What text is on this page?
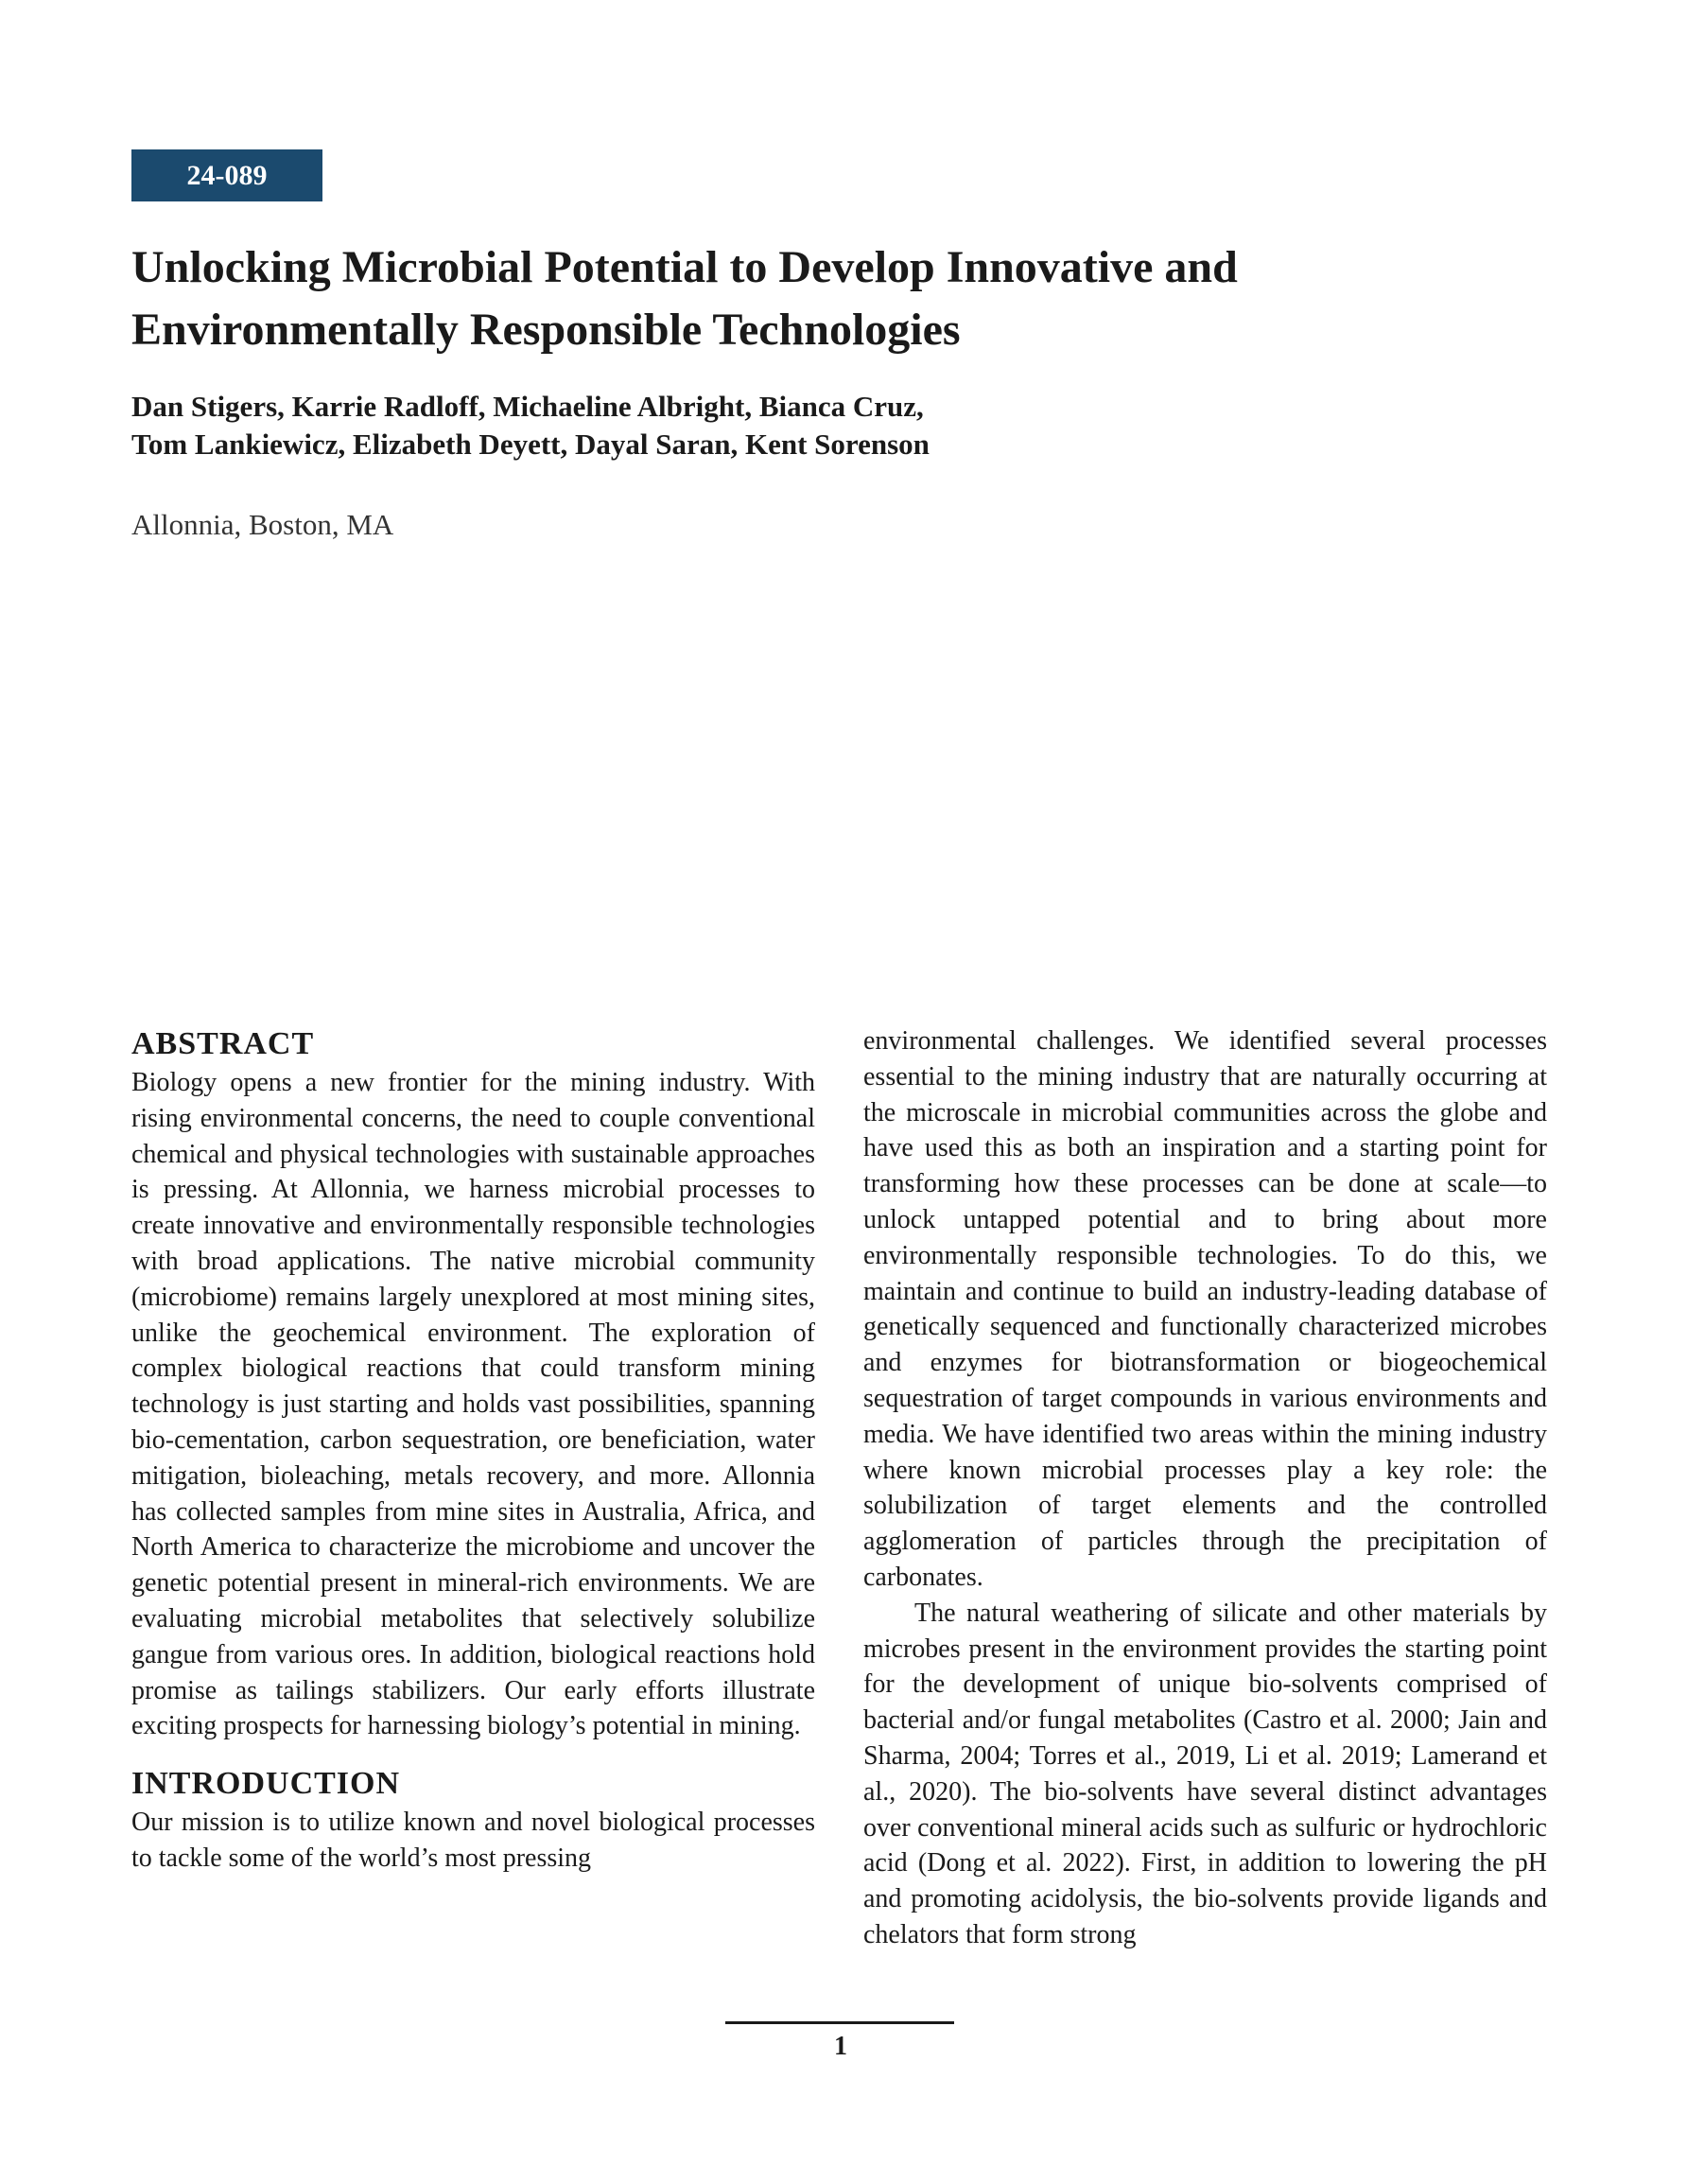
24-089
Unlocking Microbial Potential to Develop Innovative and Environmentally Responsible Technologies
Dan Stigers, Karrie Radloff, Michaeline Albright, Bianca Cruz, Tom Lankiewicz, Elizabeth Deyett, Dayal Saran, Kent Sorenson
Allonnia, Boston, MA
ABSTRACT

Biology opens a new frontier for the mining industry. With rising environmental concerns, the need to couple conventional chemical and physical technologies with sustainable approaches is pressing. At Allonnia, we harness microbial processes to create innovative and environmentally responsible technologies with broad applications. The native microbial community (microbiome) remains largely unexplored at most mining sites, unlike the geochemical environment. The exploration of complex biological reactions that could transform mining technology is just starting and holds vast possibilities, spanning bio-cementation, carbon sequestration, ore beneficiation, water mitigation, bioleaching, metals recovery, and more. Allonnia has collected samples from mine sites in Australia, Africa, and North America to characterize the microbiome and uncover the genetic potential present in mineral-rich environments. We are evaluating microbial metabolites that selectively solubilize gangue from various ores. In addition, biological reactions hold promise as tailings stabilizers. Our early efforts illustrate exciting prospects for harnessing biology’s potential in mining.

INTRODUCTION

Our mission is to utilize known and novel biological processes to tackle some of the world’s most pressing

environmental challenges. We identified several processes essential to the mining industry that are naturally occurring at the microscale in microbial communities across the globe and have used this as both an inspiration and a starting point for transforming how these processes can be done at scale—to unlock untapped potential and to bring about more environmentally responsible technologies. To do this, we maintain and continue to build an industry-leading database of genetically sequenced and functionally characterized microbes and enzymes for biotransformation or biogeochemical sequestration of target compounds in various environments and media. We have identified two areas within the mining industry where known microbial processes play a key role: the solubilization of target elements and the controlled agglomeration of particles through the precipitation of carbonates.

The natural weathering of silicate and other materials by microbes present in the environment provides the starting point for the development of unique bio-solvents comprised of bacterial and/or fungal metabolites (Castro et al. 2000; Jain and Sharma, 2004; Torres et al., 2019, Li et al. 2019; Lamerand et al., 2020). The bio-solvents have several distinct advantages over conventional mineral acids such as sulfuric or hydrochloric acid (Dong et al. 2022). First, in addition to lowering the pH and promoting acidolysis, the bio-solvents provide ligands and chelators that form strong

1
